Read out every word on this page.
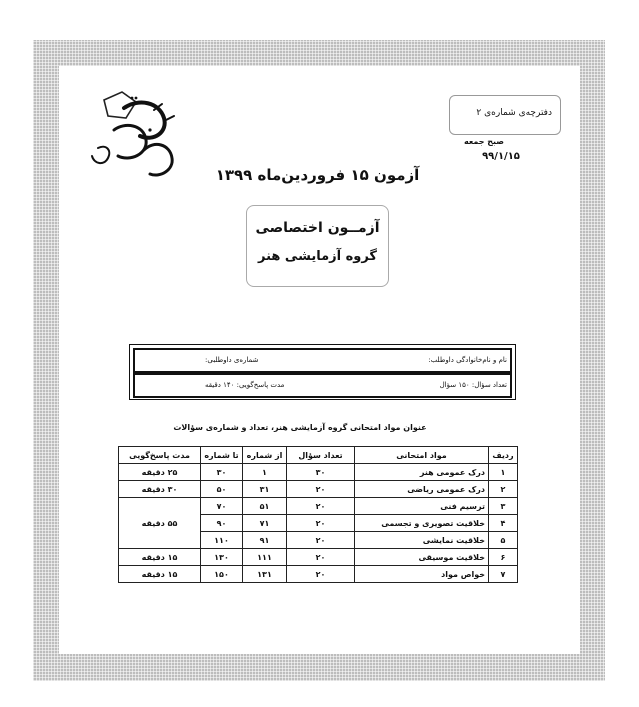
دفترچه‌ی شماره‌ی ۲
صبح جمعه
۹۹/۱/۱۵
آزمون ۱۵ فروردین‌ماه ۱۳۹۹
آزمــون اختصاصی
گروه آزمایشی هنر
نام و نام‌خانوادگی داوطلب:
شماره‌ی داوطلبی:
تعداد سؤال: ۱۵۰ سؤال
مدت پاسخ‌گویی: ۱۴۰ دقیقه
عنوان مواد امتحانی گروه آزمایشی هنر، تعداد و شماره‌ی سؤالات
ردیف	مواد امتحانی	تعداد سؤال	از شماره	تا شماره	مدت پاسخ‌گویی
۱	درک عمومی هنر	۳۰	۱	۳۰	۲۵ دقیقه
۲	درک عمومی ریاضی	۲۰	۳۱	۵۰	۳۰ دقیقه
۳	ترسیم فنی	۲۰	۵۱	۷۰	۵۵ دقیقه
۴	خلاقیت تصویری و تجسمی	۲۰	۷۱	۹۰	
۵	خلاقیت نمایشی	۲۰	۹۱	۱۱۰	
۶	خلاقیت موسیقی	۲۰	۱۱۱	۱۳۰	۱۵ دقیقه
۷	خواص مواد	۲۰	۱۳۱	۱۵۰	۱۵ دقیقه
